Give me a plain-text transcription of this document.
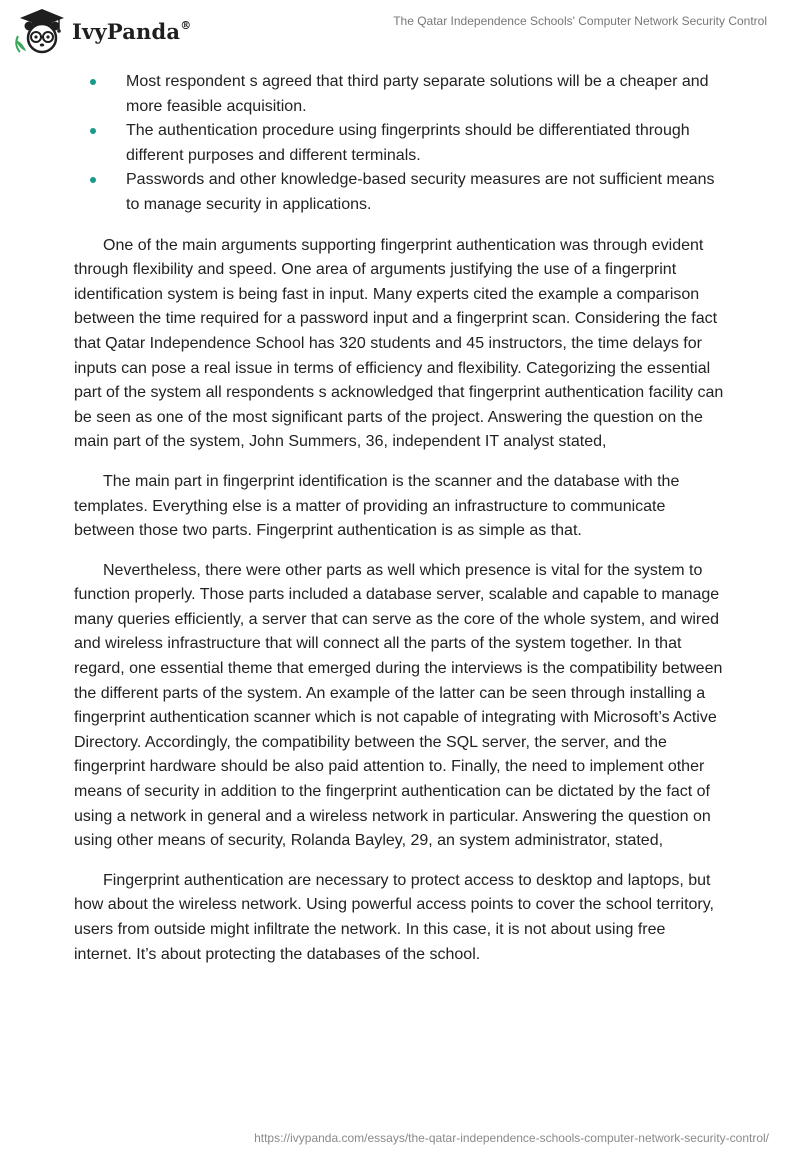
IvyPanda®	The Qatar Independence Schools' Computer Network Security Control
Most respondent s agreed that third party separate solutions will be a cheaper and more feasible acquisition.
The authentication procedure using fingerprints should be differentiated through different purposes and different terminals.
Passwords and other knowledge-based security measures are not sufficient means to manage security in applications.

One of the main arguments supporting fingerprint authentication was through evident through flexibility and speed. One area of arguments justifying the use of a fingerprint identification system is being fast in input. Many experts cited the example a comparison between the time required for a password input and a fingerprint scan. Considering the fact that Qatar Independence School has 320 students and 45 instructors, the time delays for inputs can pose a real issue in terms of efficiency and flexibility. Categorizing the essential part of the system all respondents s acknowledged that fingerprint authentication facility can be seen as one of the most significant parts of the project. Answering the question on the main part of the system, John Summers, 36, independent IT analyst stated,

The main part in fingerprint identification is the scanner and the database with the templates. Everything else is a matter of providing an infrastructure to communicate between those two parts. Fingerprint authentication is as simple as that.

Nevertheless, there were other parts as well which presence is vital for the system to function properly. Those parts included a database server, scalable and capable to manage many queries efficiently, a server that can serve as the core of the whole system, and wired and wireless infrastructure that will connect all the parts of the system together. In that regard, one essential theme that emerged during the interviews is the compatibility between the different parts of the system. An example of the latter can be seen through installing a fingerprint authentication scanner which is not capable of integrating with Microsoft’s Active Directory. Accordingly, the compatibility between the SQL server, the server, and the fingerprint hardware should be also paid attention to. Finally, the need to implement other means of security in addition to the fingerprint authentication can be dictated by the fact of using a network in general and a wireless network in particular. Answering the question on using other means of security, Rolanda Bayley, 29, an system administrator, stated,

Fingerprint authentication are necessary to protect access to desktop and laptops, but how about the wireless network. Using powerful access points to cover the school territory, users from outside might infiltrate the network. In this case, it is not about using free internet. It’s about protecting the databases of the school.

https://ivypanda.com/essays/the-qatar-independence-schools-computer-network-security-control/
